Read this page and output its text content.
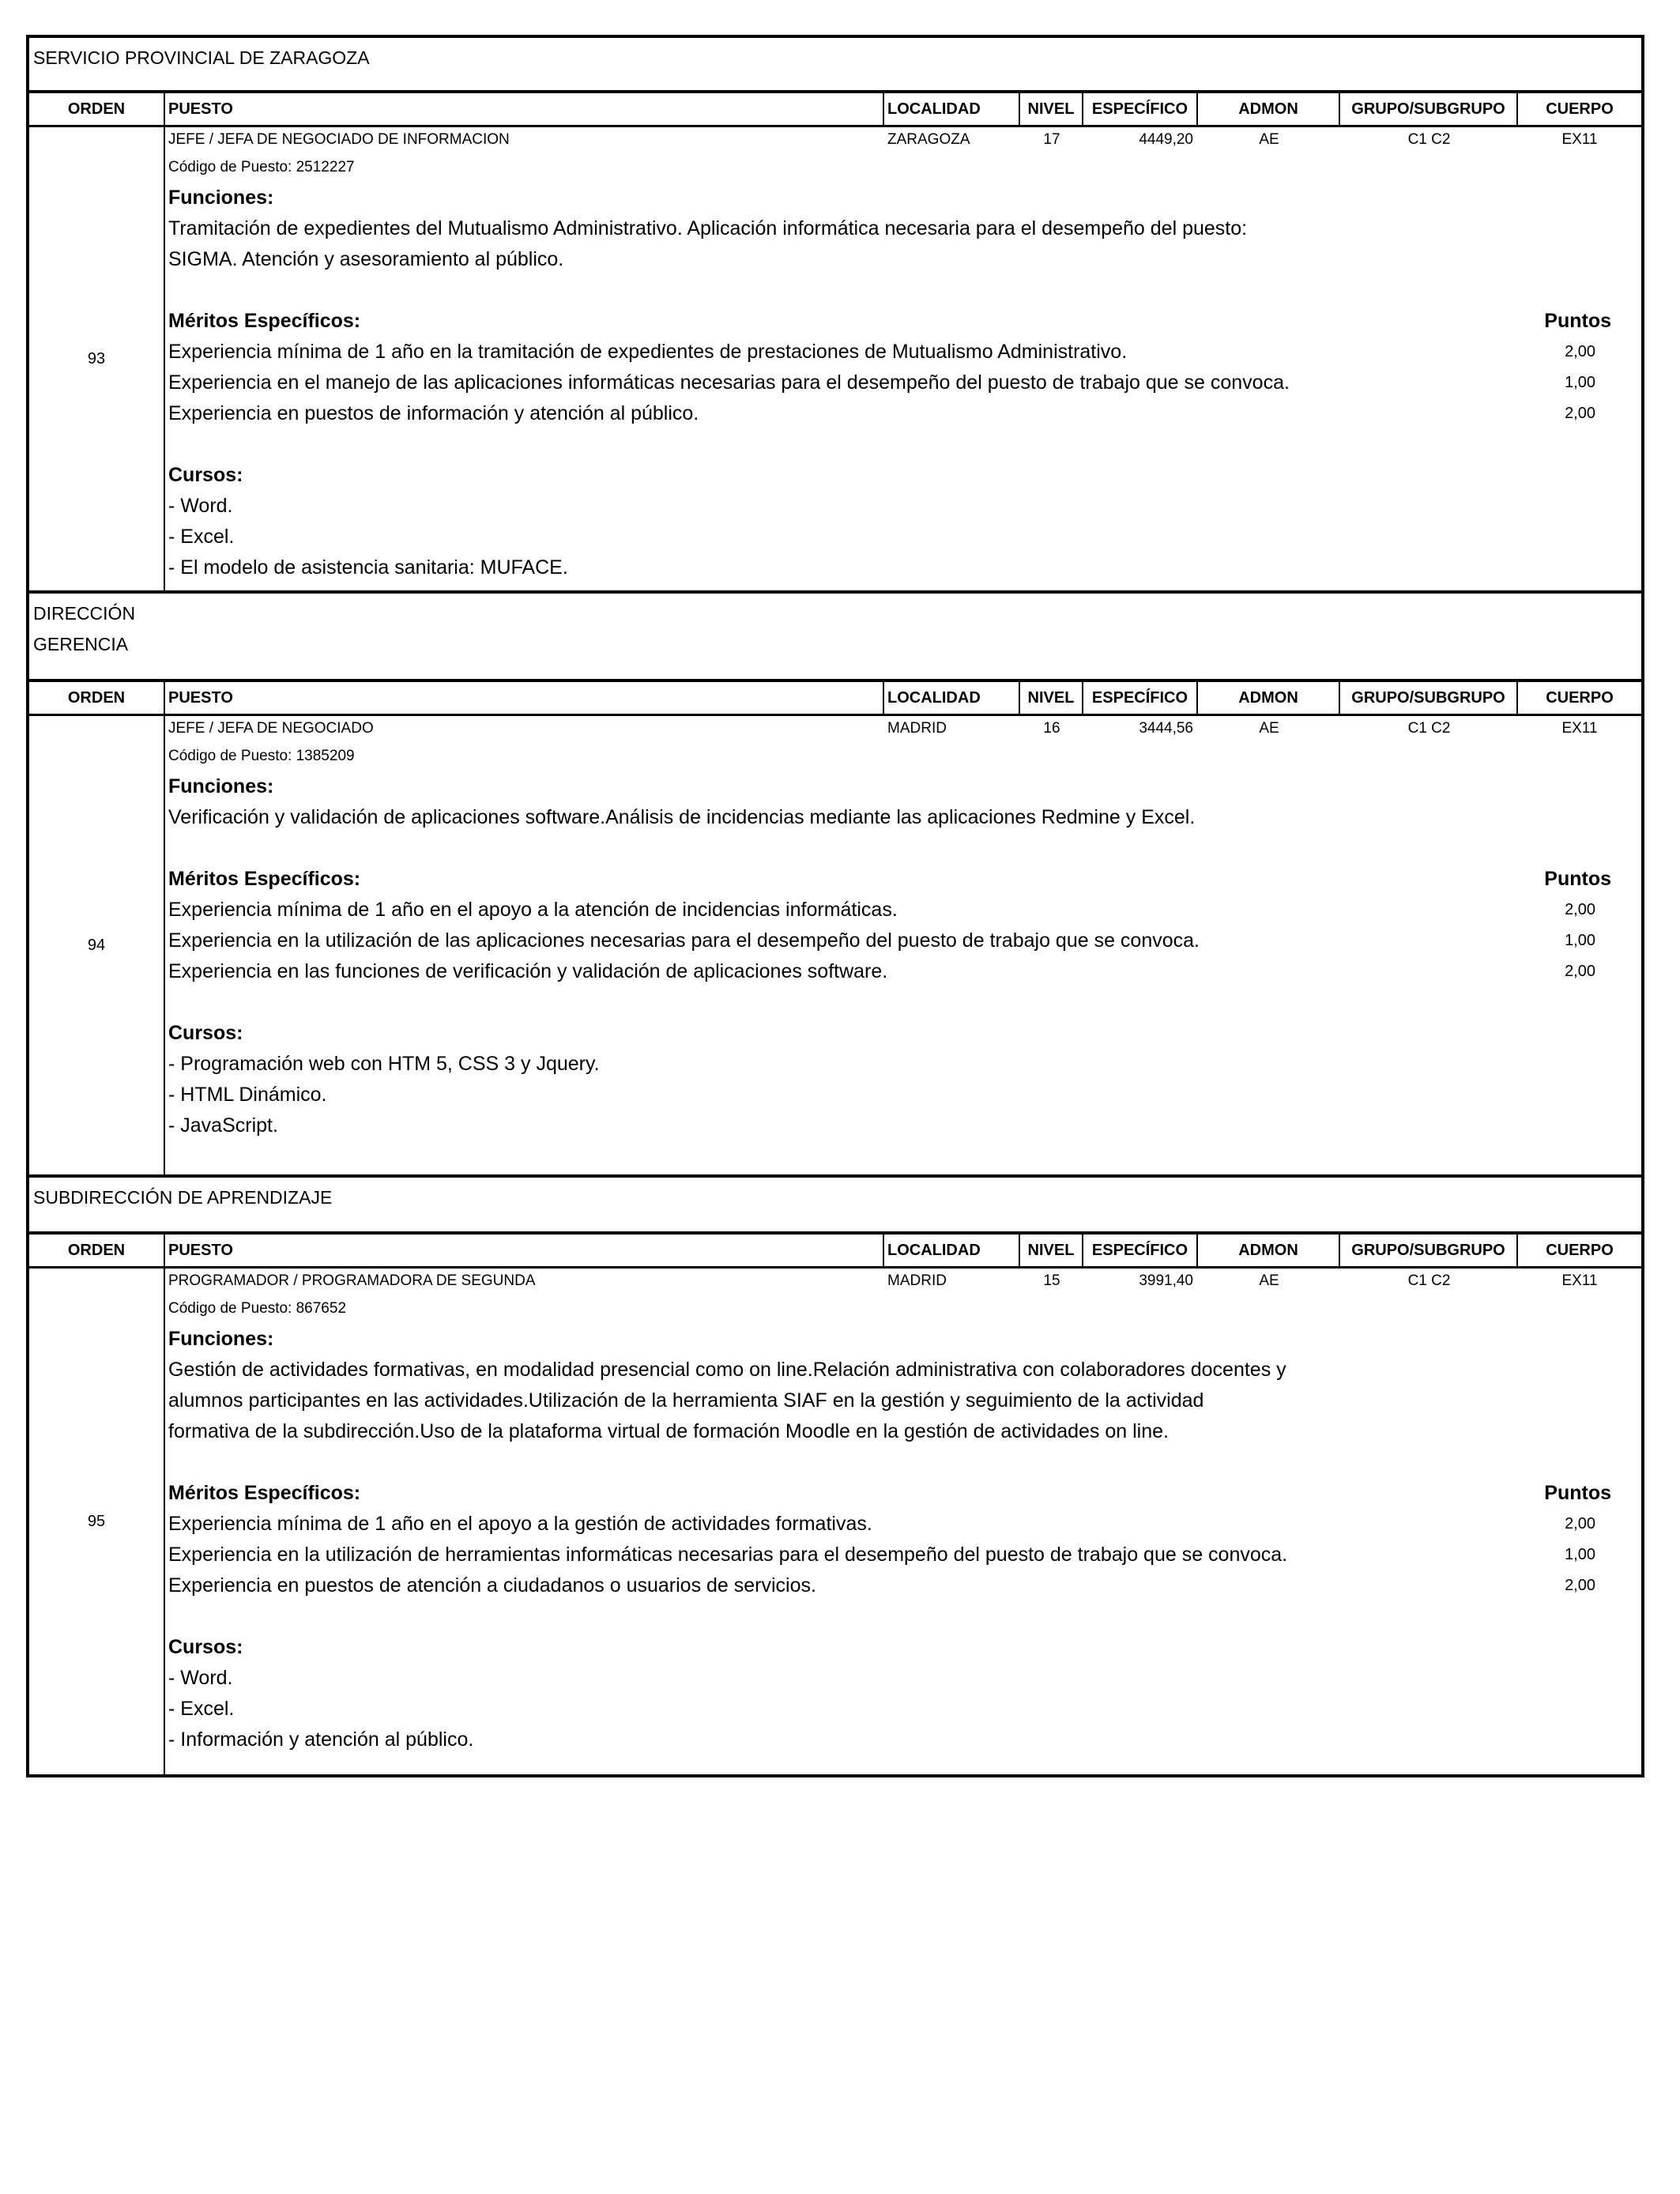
SERVICIO PROVINCIAL DE ZARAGOZA
ORDEN	PUESTO	LOCALIDAD	NIVEL	ESPECÍFICO	ADMON	GRUPO/SUBGRUPO	CUERPO
93
JEFE / JEFA DE NEGOCIADO DE INFORMACION	ZARAGOZA	17	4449,20	AE	C1 C2	EX11
Código de Puesto: 2512227
Funciones:
Tramitación de expedientes del Mutualismo Administrativo. Aplicación informática necesaria para el desempeño del puesto:
SIGMA. Atención y asesoramiento al público.
Méritos Específicos:	Puntos
Experiencia mínima de 1 año en la tramitación de expedientes de prestaciones de Mutualismo Administrativo.	2,00
Experiencia en el manejo de las aplicaciones informáticas necesarias para el desempeño del puesto de trabajo que se convoca.	1,00
Experiencia en puestos de información y atención al público.	2,00
Cursos:
- Word.
- Excel.
- El modelo de asistencia sanitaria: MUFACE.
DIRECCIÓN
GERENCIA
ORDEN	PUESTO	LOCALIDAD	NIVEL	ESPECÍFICO	ADMON	GRUPO/SUBGRUPO	CUERPO
94
JEFE / JEFA DE NEGOCIADO	MADRID	16	3444,56	AE	C1 C2	EX11
Código de Puesto: 1385209
Funciones:
Verificación y validación de aplicaciones software.Análisis de incidencias mediante las aplicaciones Redmine y Excel.
Méritos Específicos:	Puntos
Experiencia mínima de 1 año en el apoyo a la atención de incidencias informáticas.	2,00
Experiencia en la utilización de las aplicaciones necesarias para el desempeño del puesto de trabajo que se convoca.	1,00
Experiencia en las funciones de verificación y validación de aplicaciones software.	2,00
Cursos:
- Programación web con HTM 5, CSS 3 y Jquery.
- HTML Dinámico.
- JavaScript.
SUBDIRECCIÓN DE APRENDIZAJE
ORDEN	PUESTO	LOCALIDAD	NIVEL	ESPECÍFICO	ADMON	GRUPO/SUBGRUPO	CUERPO
95
PROGRAMADOR / PROGRAMADORA DE SEGUNDA	MADRID	15	3991,40	AE	C1 C2	EX11
Código de Puesto: 867652
Funciones:
Gestión de actividades formativas, en modalidad presencial como on line.Relación administrativa con colaboradores docentes y
alumnos participantes en las actividades.Utilización de la herramienta SIAF en la gestión y seguimiento de la actividad
formativa de la subdirección.Uso de la plataforma virtual de formación Moodle en la gestión de actividades on line.
Méritos Específicos:	Puntos
Experiencia mínima de 1 año en el apoyo a la gestión de actividades formativas.	2,00
Experiencia en la utilización de herramientas informáticas necesarias para el desempeño del puesto de trabajo que se convoca.	1,00
Experiencia en puestos de atención a ciudadanos o usuarios de servicios.	2,00
Cursos:
- Word.
- Excel.
- Información y atención al público.
